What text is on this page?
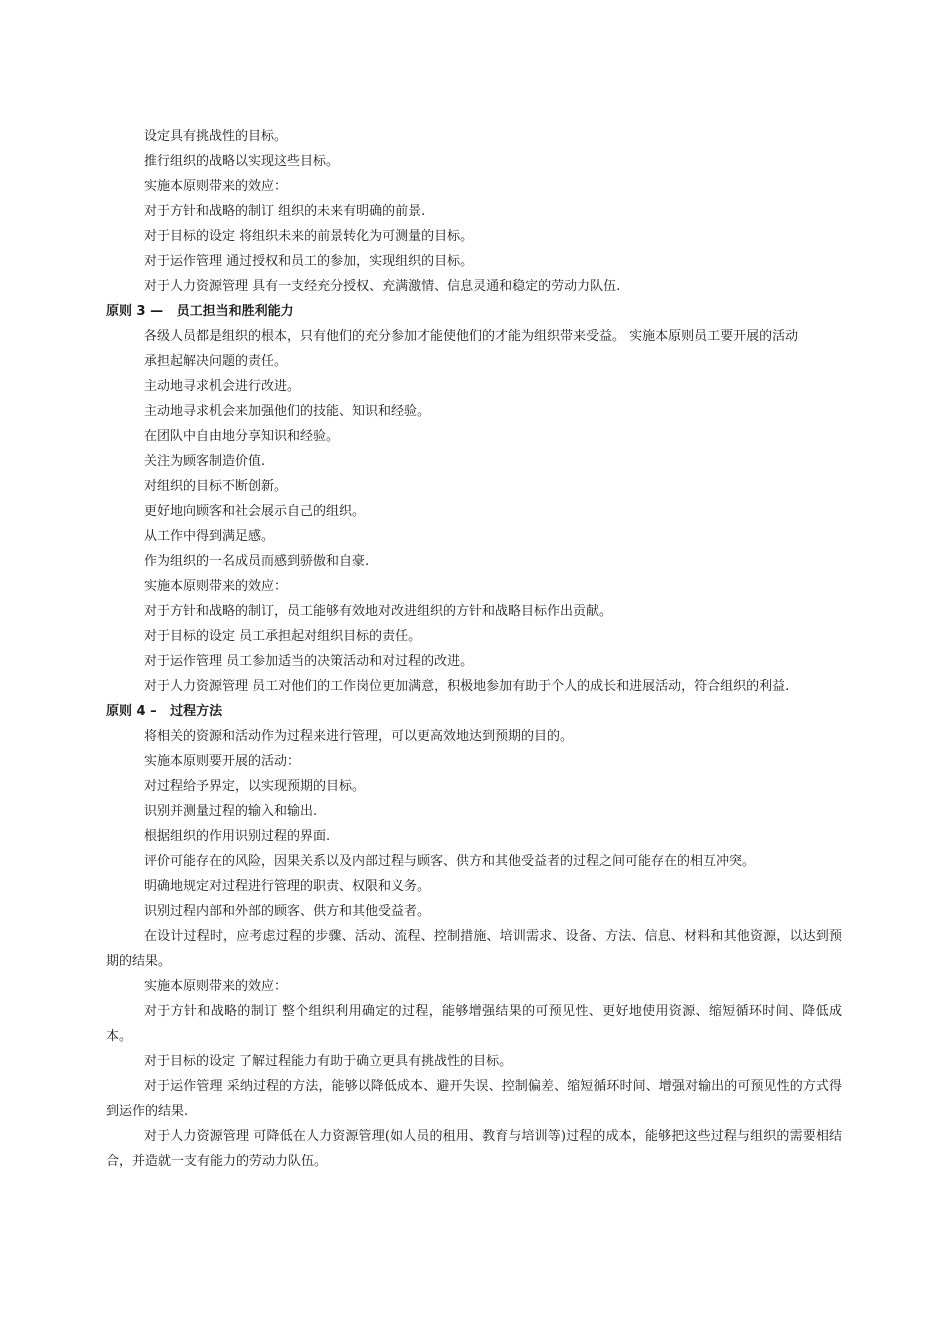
设定具有挑战性的目标。

推行组织的战略以实现这些目标。

实施本原则带来的效应：

对于方针和战略的制订 组织的未来有明确的前景.

对于目标的设定 将组织未来的前景转化为可测量的目标。

对于运作管理 通过授权和员工的参加，实现组织的目标。

对于人力资源管理 具有一支经充分授权、充满激情、信息灵通和稳定的劳动力队伍.

原则 3 —   员工担当和胜利能力

各级人员都是组织的根本，只有他们的充分参加才能使他们的才能为组织带来受益。 实施本原则员工要开展的活动

承担起解决问题的责任。

主动地寻求机会进行改进。

主动地寻求机会来加强他们的技能、知识和经验。

在团队中自由地分享知识和经验。

关注为顾客制造价值.

对组织的目标不断创新。

更好地向顾客和社会展示自己的组织。

从工作中得到满足感。

作为组织的一名成员而感到骄傲和自豪.

实施本原则带来的效应：

对于方针和战略的制订，员工能够有效地对改进组织的方针和战略目标作出贡献。

对于目标的设定 员工承担起对组织目标的责任。

对于运作管理 员工参加适当的决策活动和对过程的改进。

对于人力资源管理 员工对他们的工作岗位更加满意，积极地参加有助于个人的成长和进展活动，符合组织的利益.

原则 4 –   过程方法

将相关的资源和活动作为过程来进行管理，可以更高效地达到预期的目的。

实施本原则要开展的活动：

对过程给予界定，以实现预期的目标。

识别并测量过程的输入和输出.

根据组织的作用识别过程的界面.

评价可能存在的风险，因果关系以及内部过程与顾客、供方和其他受益者的过程之间可能存在的相互冲突。

明确地规定对过程进行管理的职责、权限和义务。

识别过程内部和外部的顾客、供方和其他受益者。

在设计过程时，应考虑过程的步骤、活动、流程、控制措施、培训需求、设备、方法、信息、材料和其他资源，以达到预期的结果。

实施本原则带来的效应：

对于方针和战略的制订 整个组织利用确定的过程，能够增强结果的可预见性、更好地使用资源、缩短循环时间、降低成本。

对于目标的设定 了解过程能力有助于确立更具有挑战性的目标。

对于运作管理 采纳过程的方法，能够以降低成本、避开失误、控制偏差、缩短循环时间、增强对输出的可预见性的方式得到运作的结果.

对于人力资源管理 可降低在人力资源管理(如人员的租用、教育与培训等)过程的成本，能够把这些过程与组织的需要相结合，并造就一支有能力的劳动力队伍。
